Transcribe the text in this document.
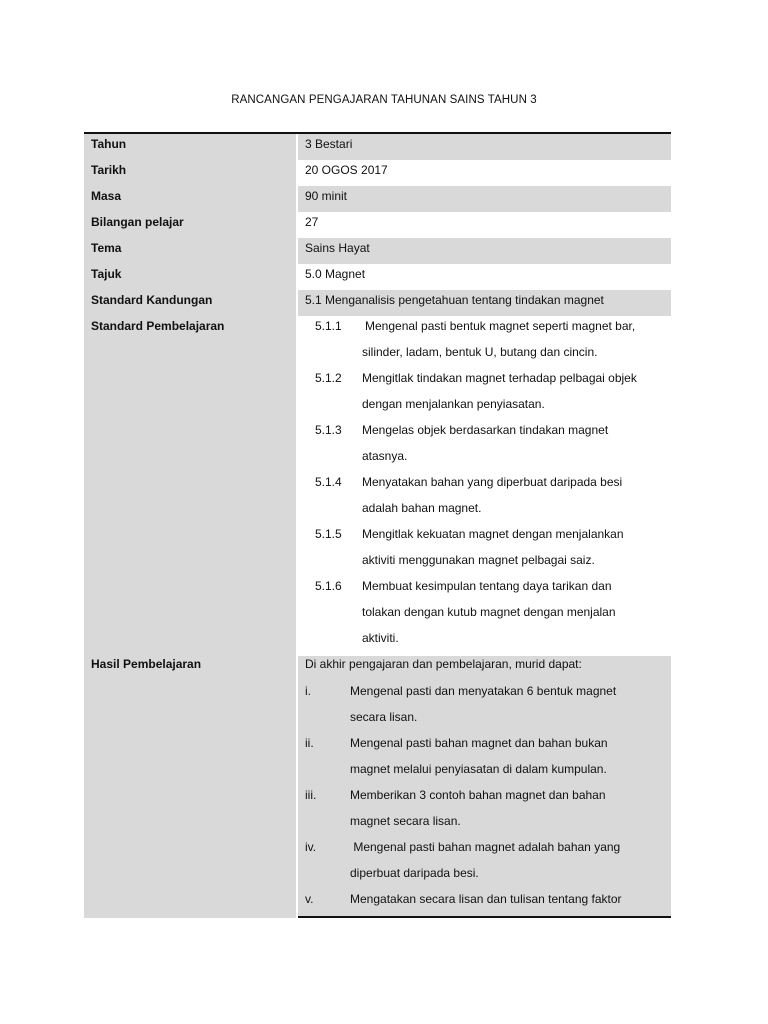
RANCANGAN PENGAJARAN TAHUNAN SAINS TAHUN 3
Tahun	3 Bestari
Tarikh	20 OGOS 2017
Masa	90 minit
Bilangan pelajar	27
Tema	Sains Hayat
Tajuk	5.0 Magnet
Standard Kandungan	5.1 Menganalisis pengetahuan tentang tindakan magnet
Standard Pembelajaran	5.1.1 Mengenal pasti bentuk magnet seperti magnet bar,
silinder, ladam, bentuk U, butang dan cincin.
5.1.2 Mengitlak tindakan magnet terhadap pelbagai objek
dengan menjalankan penyiasatan.
5.1.3 Mengelas objek berdasarkan tindakan magnet
atasnya.
5.1.4 Menyatakan bahan yang diperbuat daripada besi
adalah bahan magnet.
5.1.5 Mengitlak kekuatan magnet dengan menjalankan
aktiviti menggunakan magnet pelbagai saiz.
5.1.6 Membuat kesimpulan tentang daya tarikan dan
tolakan dengan kutub magnet dengan menjalan
aktiviti.
Hasil Pembelajaran	Di akhir pengajaran dan pembelajaran, murid dapat:
i.	Mengenal pasti dan menyatakan 6 bentuk magnet
secara lisan.
ii.	Mengenal pasti bahan magnet dan bahan bukan
magnet melalui penyiasatan di dalam kumpulan.
iii.	Memberikan 3 contoh bahan magnet dan bahan
magnet secara lisan.
iv.	Mengenal pasti bahan magnet adalah bahan yang
diperbuat daripada besi.
v.	Mengatakan secara lisan dan tulisan tentang faktor
